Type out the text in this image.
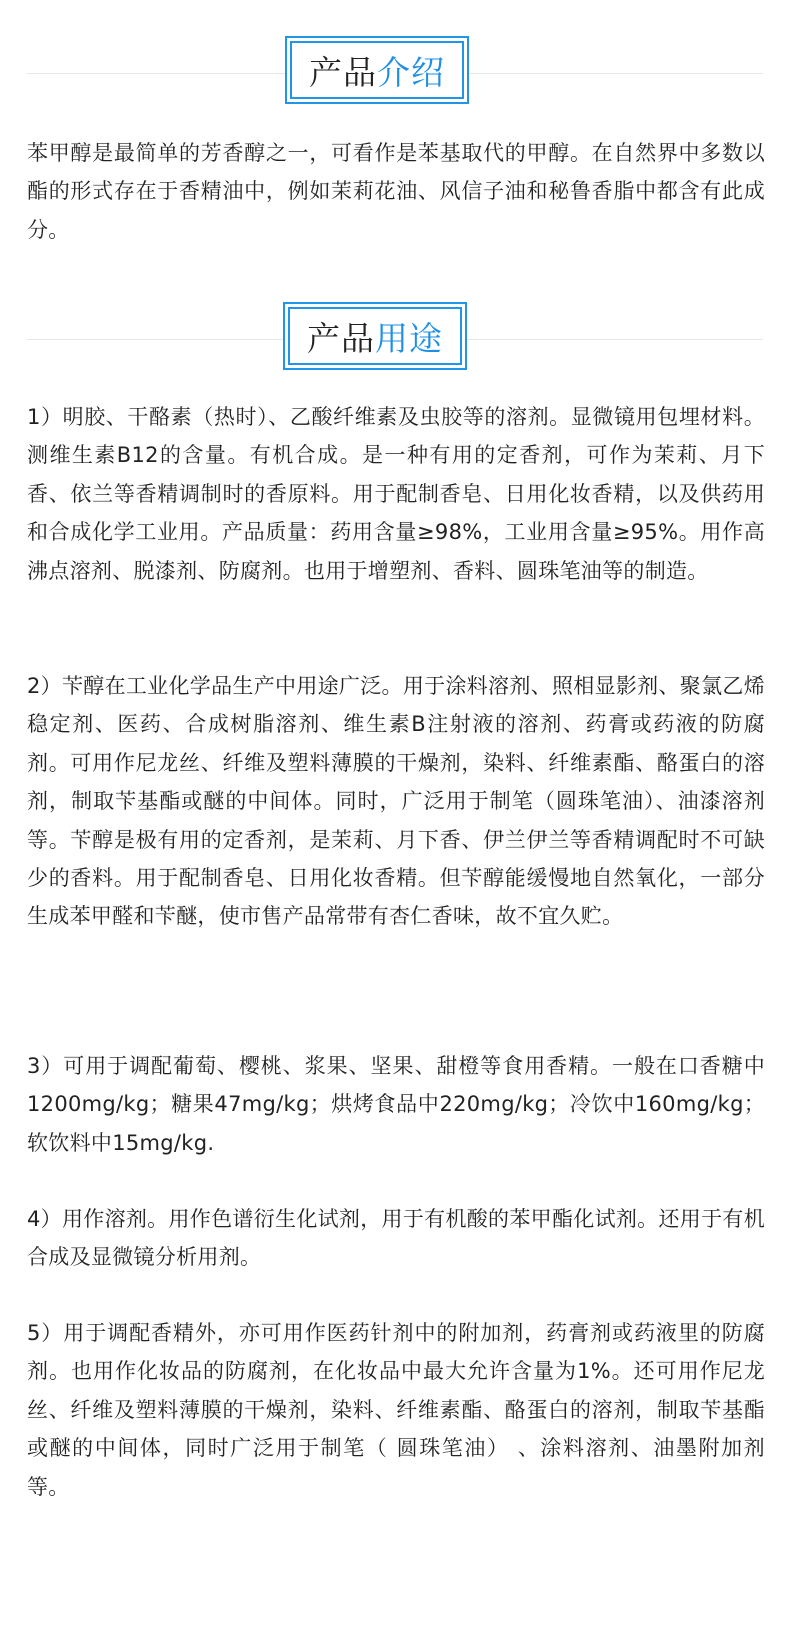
产品 介绍

苯甲醇是最简单的芳香醇之一，可看作是苯基取代的甲醇。在自然界中多数以酯的形式存在于香精油中，例如茉莉花油、风信子油和秘鲁香脂中都含有此成分。

产品 用途

1）明胶、干酪素（热时）、乙酸纤维素及虫胶等的溶剂。显微镜用包埋材料。测维生素B12的含量。有机合成。是一种有用的定香剂，可作为茉莉、月下香、依兰等香精调制时的香原料。用于配制香皂、日用化妆香精，以及供药用和合成化学工业用。产品质量：药用含量≥98%，工业用含量≥95%。用作高沸点溶剂、脱漆剂、防腐剂。也用于增塑剂、香料、圆珠笔油等的制造。

2）苄醇在工业化学品生产中用途广泛。用于涂料溶剂、照相显影剂、聚氯乙烯稳定剂、医药、合成树脂溶剂、维生素B注射液的溶剂、药膏或药液的防腐剂。可用作尼龙丝、纤维及塑料薄膜的干燥剂，染料、纤维素酯、酪蛋白的溶剂，制取苄基酯或醚的中间体。同时，广泛用于制笔（圆珠笔油）、油漆溶剂等。苄醇是极有用的定香剂，是茉莉、月下香、伊兰伊兰等香精调配时不可缺少的香料。用于配制香皂、日用化妆香精。但苄醇能缓慢地自然氧化，一部分生成苯甲醛和苄醚，使市售产品常带有杏仁香味，故不宜久贮。

3）可用于调配葡萄、樱桃、浆果、坚果、甜橙等食用香精。一般在口香糖中1200mg/kg；糖果47mg/kg；烘烤食品中220mg/kg；冷饮中160mg/kg；软饮料中15mg/kg.

4）用作溶剂。用作色谱衍生化试剂，用于有机酸的苯甲酯化试剂。还用于有机合成及显微镜分析用剂。

5）用于调配香精外，亦可用作医药针剂中的附加剂，药膏剂或药液里的防腐剂。也用作化妆品的防腐剂，在化妆品中最大允许含量为1%。还可用作尼龙丝、纤维及塑料薄膜的干燥剂，染料、纤维素酯、酪蛋白的溶剂，制取苄基酯或醚的中间体，同时广泛用于制笔（ 圆珠笔油） 、涂料溶剂、油墨附加剂等。
